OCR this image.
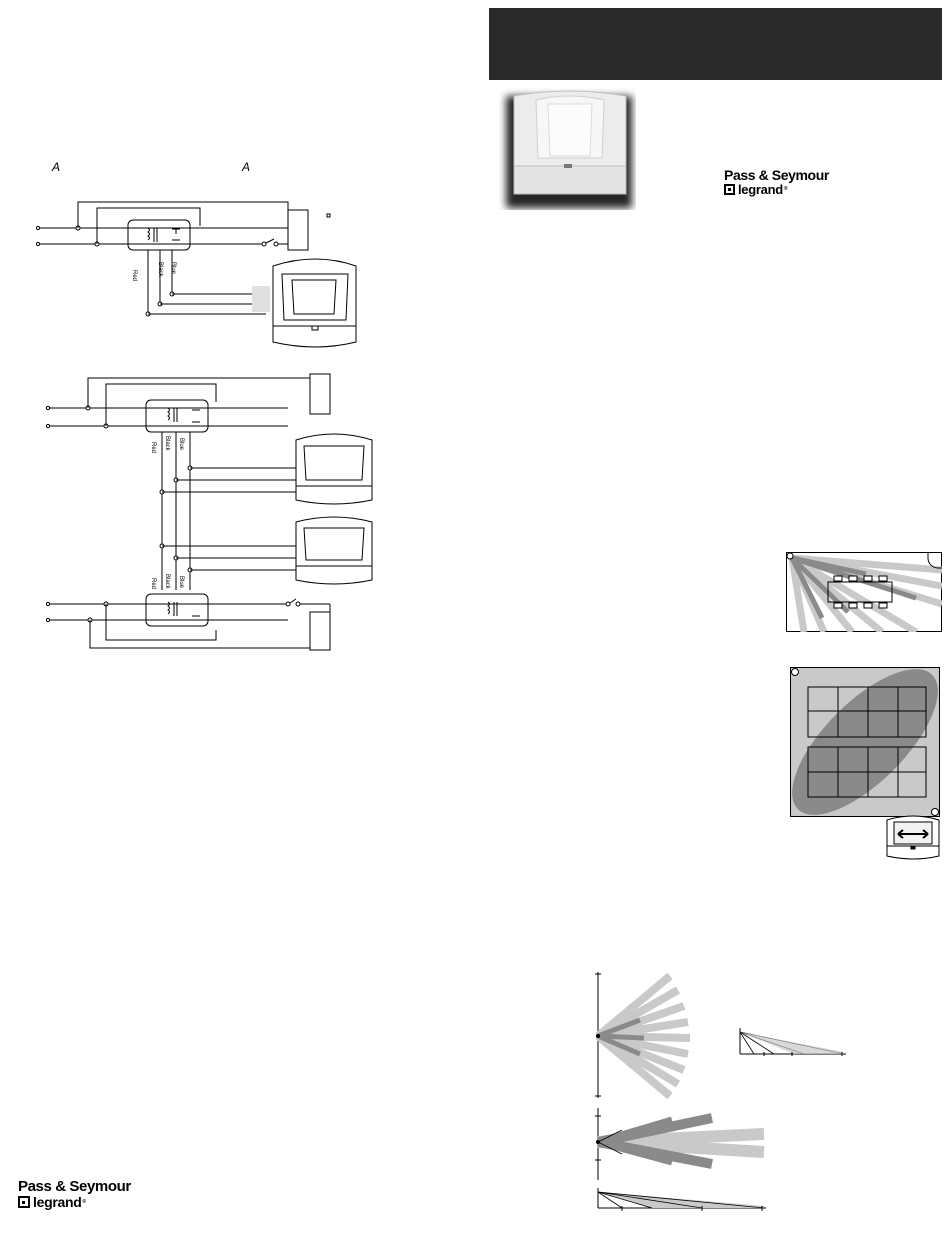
Pass & Seymour
legrand ®
A	A
Red	Black Blue
Red Black Blue
Red Black Blue
Pass & Seymour
legrand ®
